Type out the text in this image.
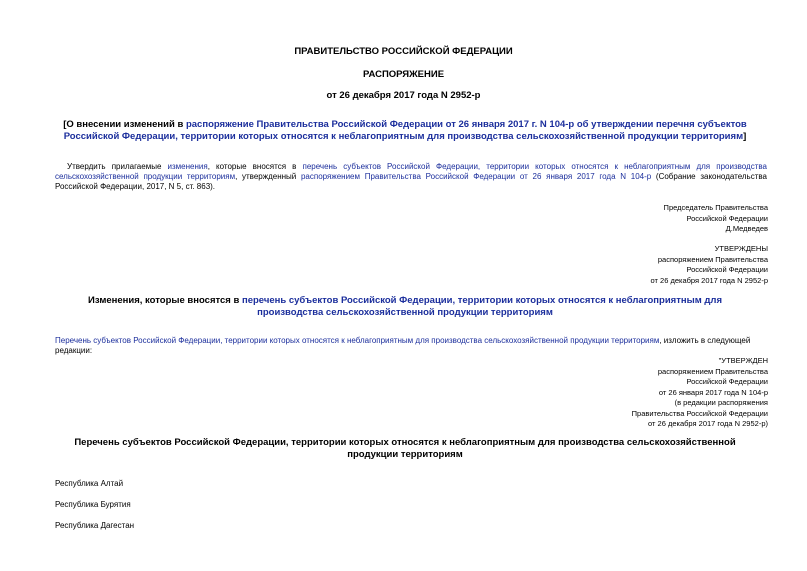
ПРАВИТЕЛЬСТВО РОССИЙСКОЙ ФЕДЕРАЦИИ
РАСПОРЯЖЕНИЕ
от 26 декабря 2017 года N 2952-р
[О внесении изменений в распоряжение Правительства Российской Федерации от 26 января 2017 г. N 104-р об утверждении перечня субъектов Российской Федерации, территории которых относятся к неблагоприятным для производства сельскохозяйственной продукции территориям]
Утвердить прилагаемые изменения, которые вносятся в перечень субъектов Российской Федерации, территории которых относятся к неблагоприятным для производства сельскохозяйственной продукции территориям, утвержденный распоряжением Правительства Российской Федерации от 26 января 2017 года N 104-р (Собрание законодательства Российской Федерации, 2017, N 5, ст. 863).
Председатель Правительства
Российской Федерации
Д.Медведев
УТВЕРЖДЕНЫ
распоряжением Правительства
Российской Федерации
от 26 декабря 2017 года N 2952-р
Изменения, которые вносятся в перечень субъектов Российской Федерации, территории которых относятся к неблагоприятным для производства сельскохозяйственной продукции территориям
Перечень субъектов Российской Федерации, территории которых относятся к неблагоприятным для производства сельскохозяйственной продукции территориям, изложить в следующей редакции:
"УТВЕРЖДЕН
распоряжением Правительства
Российской Федерации
от 26 января 2017 года N 104-р
(в редакции распоряжения
Правительства Российской Федерации
от 26 декабря 2017 года N 2952-р)
Перечень субъектов Российской Федерации, территории которых относятся к неблагоприятным для производства сельскохозяйственной продукции территориям
Республика Алтай
Республика Бурятия
Республика Дагестан
